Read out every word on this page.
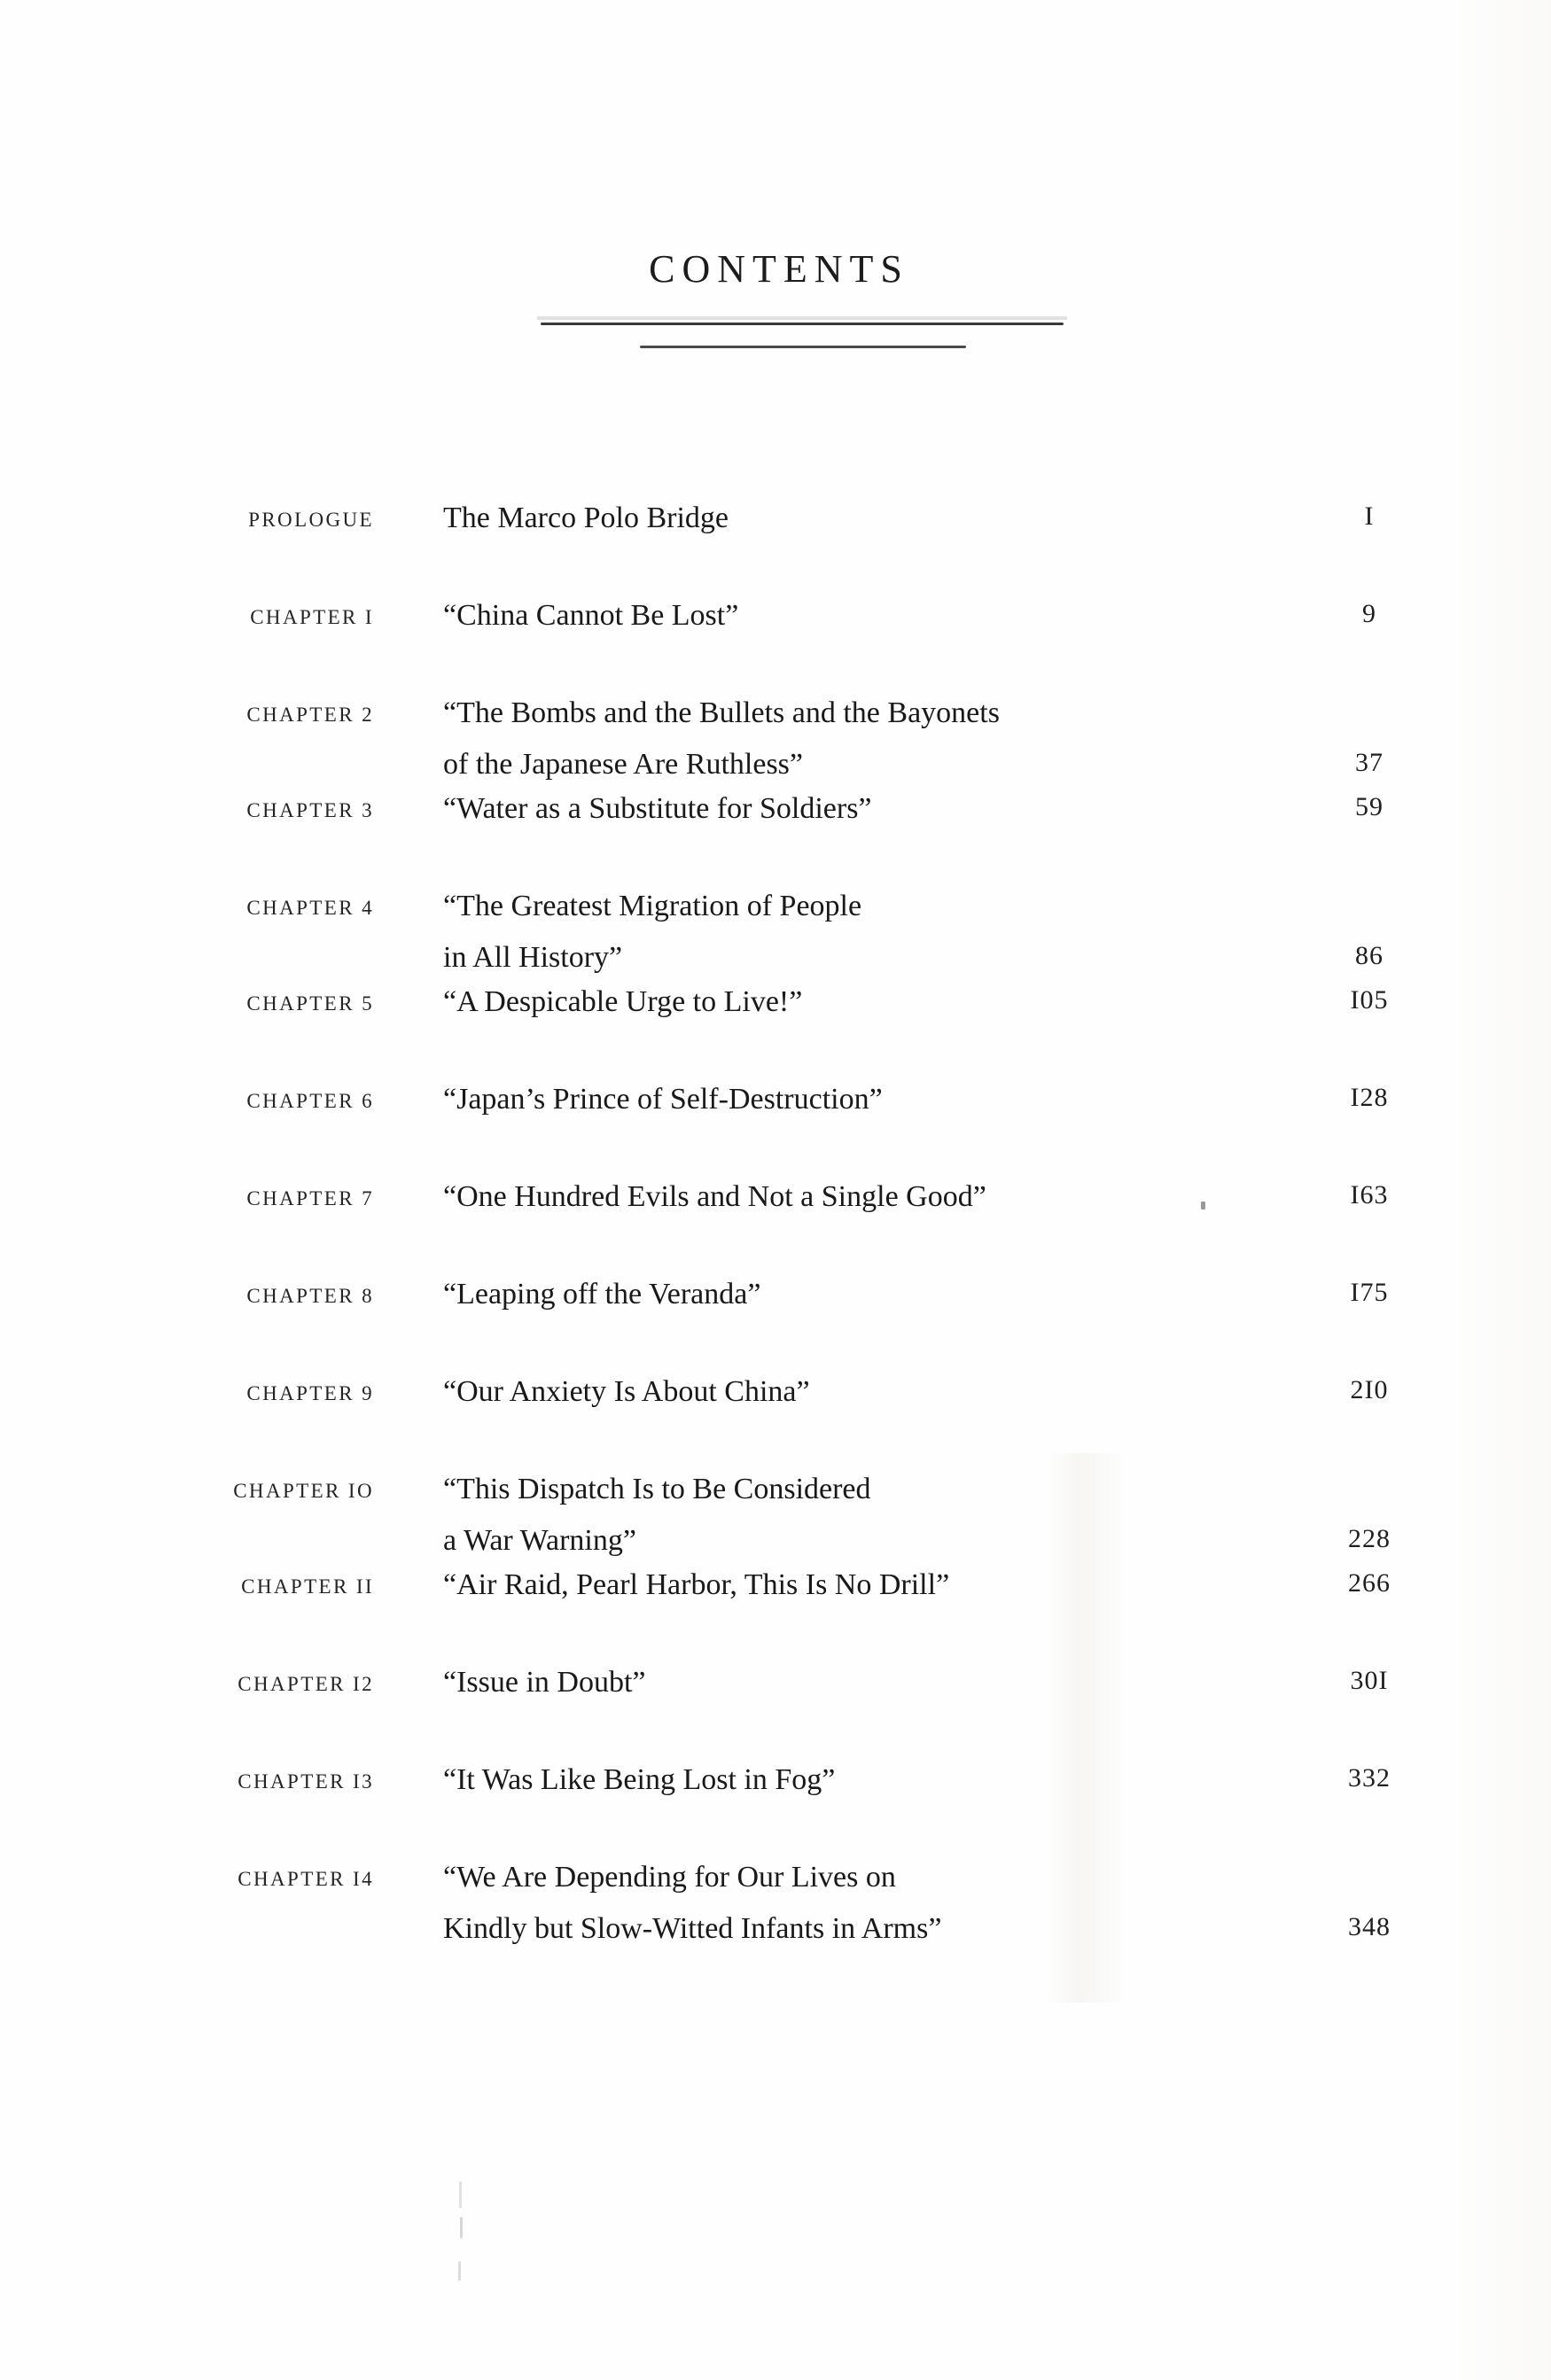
CONTENTS
PROLOGUE The Marco Polo Bridge	I
CHAPTER I “China Cannot Be Lost”	9
CHAPTER 2 “The Bombs and the Bullets and the Bayonets
of the Japanese Are Ruthless”	37
CHAPTER 3 “Water as a Substitute for Soldiers”	59
CHAPTER 4 “The Greatest Migration of People
in All History”	86
CHAPTER 5 “A Despicable Urge to Live!”	I05
CHAPTER 6 “Japan’s Prince of Self-Destruction”	I28
CHAPTER 7 “One Hundred Evils and Not a Single Good”	I63
CHAPTER 8 “Leaping off the Veranda”	I75
CHAPTER 9 “Our Anxiety Is About China”	2I0
CHAPTER IO “This Dispatch Is to Be Considered
a War Warning”	228
CHAPTER II “Air Raid, Pearl Harbor, This Is No Drill”	266
CHAPTER I2 “Issue in Doubt”	30I
CHAPTER I3 “It Was Like Being Lost in Fog”	332
CHAPTER I4 “We Are Depending for Our Lives on
Kindly but Slow-Witted Infants in Arms”	348
